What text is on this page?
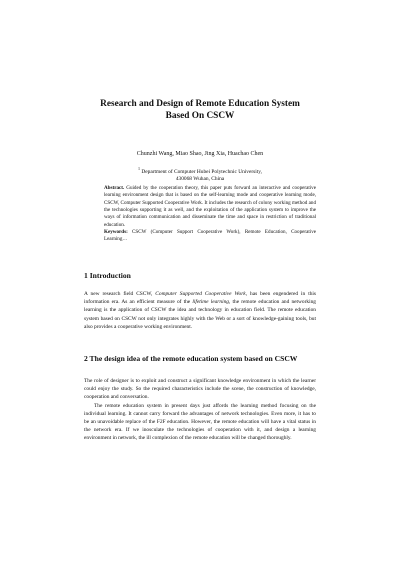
Research and Design of Remote Education System
Based On CSCW
Chunzhi Wang, Miao Shao, Jing Xia, Huachao Chen
$^1$ Department of Computer Hubei Polytechnic University,
430068 Wuhan, China
Abstract. Guided by the cooperation theory, this paper puts forward an interactive and cooperative learning environment design that is based on the self-learning mode and cooperative learning mode, CSCW, Computer Supported Cooperative Work. It includes the research of colony working method and the technologies supporting it as well, and the exploitation of the application system to improve the ways of information communication and disseminate the time and space in restriction of traditional education.
Keywords: CSCW (Computer Support Cooperative Work), Remote Education, Cooperative Learning…
1 Introduction

A new research field CSCW, Computer Supported Cooperative Work, has been engendered in this information era. As an efficient measure of the lifetime learning, the remote education and networking learning is the application of CSCW the idea and technology in education field. The remote education system based on CSCW not only integrates highly with the Web or a sort of knowledge-gaining tools, but also provides a cooperative working environment.

2 The design idea of the remote education system based on CSCW

The role of designer is to exploit and construct a significant knowledge environment in which the learner could enjoy the study. So the required characteristics include the scene, the construction of knowledge, cooperation and conversation.

The remote education system in present days just affords the learning method focusing on the individual learning. It cannot carry forward the advantages of network technologies. Even more, it has to be an unavoidable replace of the F2F education. However, the remote education will have a vital status in the network era. If we inosculate the technologies of cooperation with it, and design a learning environment in network, the ill complexion of the remote education will be changed thoroughly.
